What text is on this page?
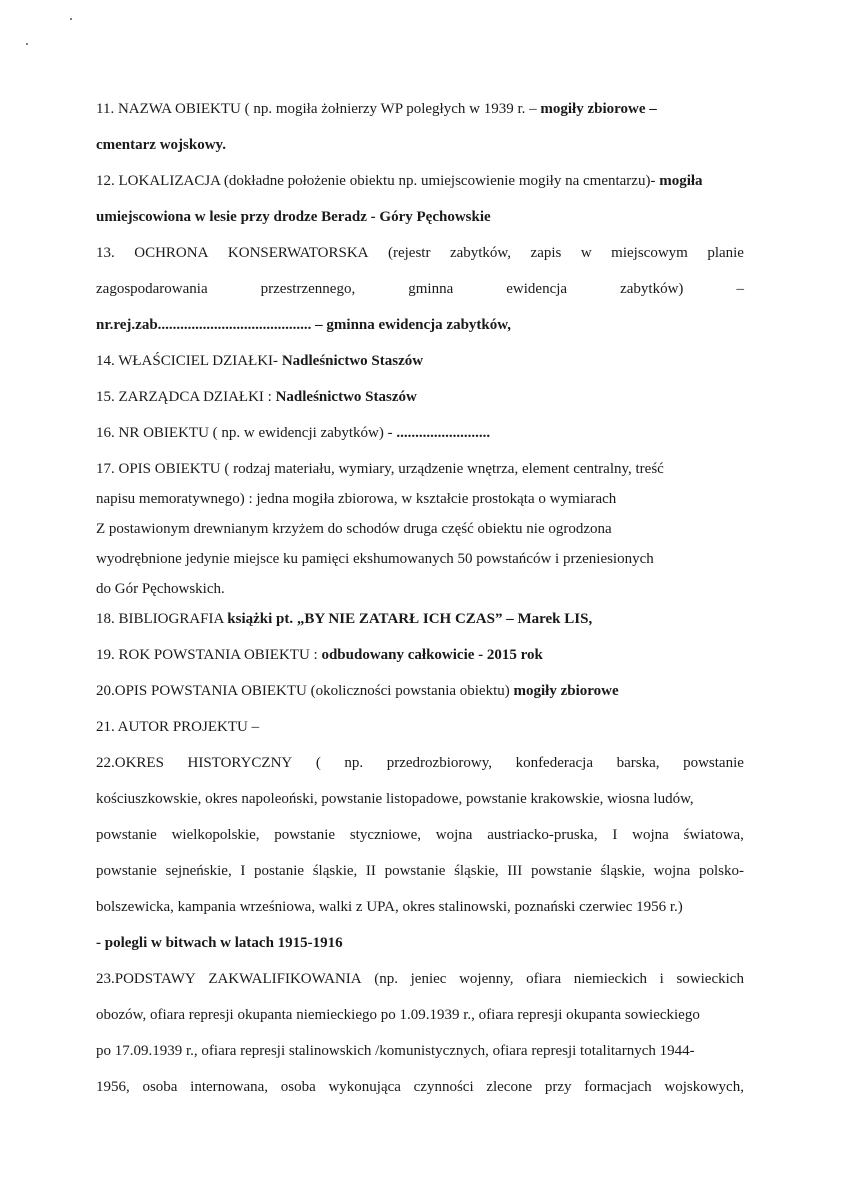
11. NAZWA OBIEKTU ( np. mogiła żołnierzy WP poległych w 1939 r. – mogiły zbiorowe –
cmentarz wojskowy.
12. LOKALIZACJA (dokładne położenie obiektu np. umiejscowienie mogiły na cmentarzu)- mogiła
umiejscowiona w lesie przy drodze Beradz - Góry Pęchowskie
13. OCHRONA KONSERWATORSKA (rejestr zabytków, zapis w miejscowym planie
zagospodarowania	przestrzennego,	gminna	ewidencja	zabytków)	–
nr.rej.zab......................................... – gminna ewidencja zabytków,
14. WŁAŚCICIEL DZIAŁKI- Nadleśnictwo Staszów
15. ZARZĄDCA DZIAŁKI : Nadleśnictwo Staszów
16. NR OBIEKTU ( np. w ewidencji zabytków) - .........................
17. OPIS OBIEKTU ( rodzaj materiału, wymiary, urządzenie wnętrza, element centralny, treść
napisu memoratywnego) : jedna mogiła zbiorowa, w kształcie prostokąta o wymiarach
Z postawionym drewnianym krzyżem do schodów druga część obiektu nie ogrodzona
wyodrębnione jedynie miejsce ku pamięci ekshumowanych 50 powstańców i przeniesionych
do Gór Pęchowskich.
18. BIBLIOGRAFIA książki pt. „BY NIE ZATARŁ ICH CZAS” – Marek LIS,
19. ROK POWSTANIA OBIEKTU : odbudowany całkowicie - 2015 rok
20.OPIS POWSTANIA OBIEKTU (okoliczności powstania obiektu) mogiły zbiorowe
21. AUTOR PROJEKTU –
22.OKRES HISTORYCZNY ( np. przedrozbiorowy, konfederacja barska, powstanie
kościuszkowskie, okres napoleoński, powstanie listopadowe, powstanie krakowskie, wiosna ludów,
powstanie wielkopolskie, powstanie styczniowe, wojna austriacko-pruska, I wojna światowa,
powstanie sejneńskie, I postanie śląskie, II powstanie śląskie, III powstanie śląskie, wojna polsko-
bolszewicka, kampania wrześniowa, walki z UPA, okres stalinowski, poznański czerwiec 1956 r.)
- polegli w bitwach w latach 1915-1916
23.PODSTAWY ZAKWALIFIKOWANIA (np. jeniec wojenny, ofiara niemieckich i sowieckich
obozów, ofiara represji okupanta niemieckiego po 1.09.1939 r., ofiara represji okupanta sowieckiego
po 17.09.1939 r., ofiara represji stalinowskich /komunistycznych, ofiara represji totalitarnych 1944-
1956, osoba internowana, osoba wykonująca czynności zlecone przy formacjach wojskowych,
